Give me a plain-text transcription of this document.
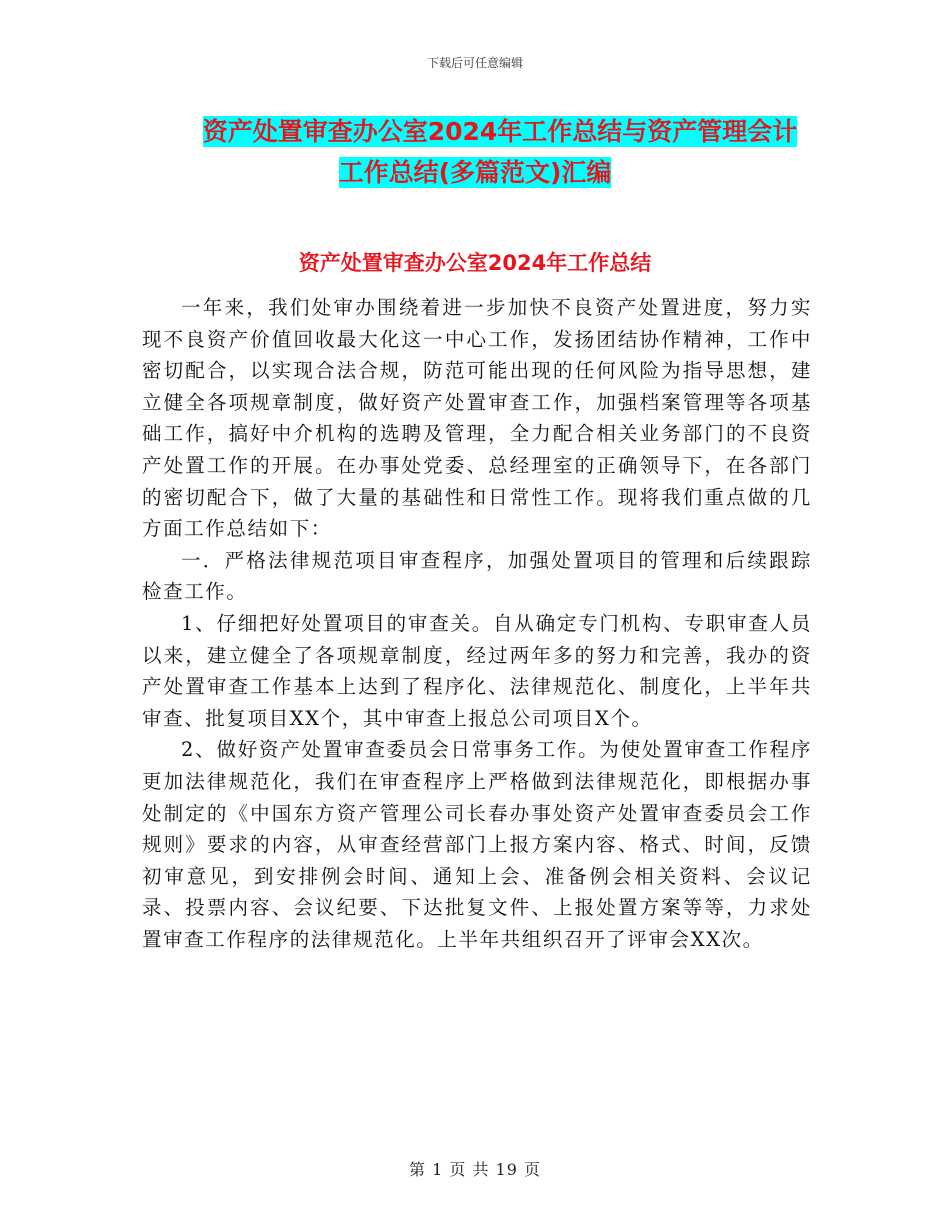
下载后可任意编辑
资产处置审查办公室2024年工作总结与资产管理会计
工作总结(多篇范文)汇编
资产处置审查办公室2024年工作总结

一年来，我们处审办围绕着进一步加快不良资产处置进度，努力实现不良资产价值回收最大化这一中心工作，发扬团结协作精神，工作中密切配合，以实现合法合规，防范可能出现的任何风险为指导思想，建立健全各项规章制度，做好资产处置审查工作，加强档案管理等各项基础工作，搞好中介机构的选聘及管理，全力配合相关业务部门的不良资产处置工作的开展。在办事处党委、总经理室的正确领导下，在各部门的密切配合下，做了大量的基础性和日常性工作。现将我们重点做的几方面工作总结如下：

一．严格法律规范项目审查程序，加强处置项目的管理和后续跟踪检查工作。

1、仔细把好处置项目的审查关。自从确定专门机构、专职审查人员以来，建立健全了各项规章制度，经过两年多的努力和完善，我办的资产处置审查工作基本上达到了程序化、法律规范化、制度化，上半年共审查、批复项目XX个，其中审查上报总公司项目X个。

2、做好资产处置审查委员会日常事务工作。为使处置审查工作程序更加法律规范化，我们在审查程序上严格做到法律规范化，即根据办事处制定的《中国东方资产管理公司长春办事处资产处置审查委员会工作规则》要求的内容，从审查经营部门上报方案内容、格式、时间，反馈初审意见，到安排例会时间、通知上会、准备例会相关资料、会议记录、投票内容、会议纪要、下达批复文件、上报处置方案等等，力求处置审查工作程序的法律规范化。上半年共组织召开了评审会XX次。

第 1 页 共 19 页
